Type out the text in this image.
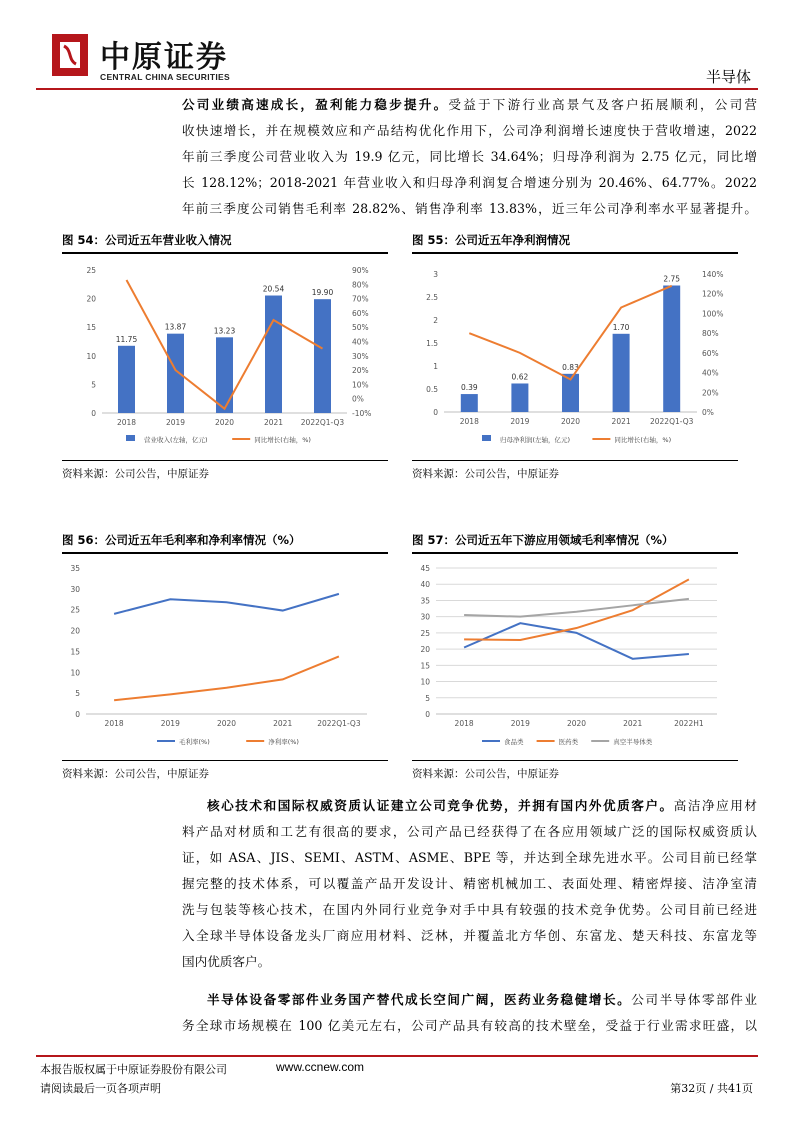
中原证券
CENTRAL CHINA SECURITIES	半导体
公司业绩高速成长，盈利能力稳步提升。受益于下游行业高景气及客户拓展顺利，公司营
收快速增长，并在规模效应和产品结构优化作用下，公司净利润增长速度快于营收增速，2022
年前三季度公司营业收入为 19.9 亿元，同比增长 34.64%；归母净利润为 2.75 亿元，同比增
长 128.12%；2018-2021 年营业收入和归母净利润复合增速分别为 20.46%、64.77%。2022
年前三季度公司销售毛利率 28.82%、销售净利率 13.83%，近三年公司净利率水平显著提升。
图 54：公司近五年营业收入情况
0
5
10
15
20
25
-10%
0%
10%
20%
30%
40%
50%
60%
70%
80%
90%
2018	2019	2020	2021 2022Q1-Q3
11.75
13.87	13.23
20.54	19.90
营业收入(左轴，亿元)	同比增长(右轴，%)
资料来源：公司公告，中原证券
图 55：公司近五年净利润情况
0
0.5
1
1.5
2
2.5
3
0%
20%
40%
60%
80%
100%
120%
140%
2018	2019	2020	2021	2022Q1-Q3
0.39
0.62
0.83
1.70
2.75
归母净利润(左轴，亿元)	同比增长(右轴，%)
资料来源：公司公告，中原证券
图 56：公司近五年毛利率和净利率情况（%）
0
5
10
15
20
25
30
35
2018	2019	2020	2021	2022Q1-Q3
毛利率(%)	净利率(%)
资料来源：公司公告，中原证券
图 57：公司近五年下游应用领域毛利率情况（%）
0
5
10
15
20
25
30
35
40
45
2018	2019	2020	2021	2022H1
食品类	医药类	真空半导体类
资料来源：公司公告，中原证券
核心技术和国际权威资质认证建立公司竞争优势，并拥有国内外优质客户。高洁净应用材
料产品对材质和工艺有很高的要求，公司产品已经获得了在各应用领域广泛的国际权威资质认
证，如 ASA、JIS、SEMI、ASTM、ASME、BPE 等，并达到全球先进水平。公司目前已经掌
握完整的技术体系，可以覆盖产品开发设计、精密机械加工、表面处理、精密焊接、洁净室清
洗与包装等核心技术，在国内外同行业竞争对手中具有较强的技术竞争优势。公司目前已经进
入全球半导体设备龙头厂商应用材料、泛林，并覆盖北方华创、东富龙、楚天科技、东富龙等
国内优质客户。
半导体设备零部件业务国产替代成长空间广阔，医药业务稳健增长。公司半导体零部件业
务全球市场规模在 100 亿美元左右，公司产品具有较高的技术壁垒，受益于行业需求旺盛，以
本报告版权属于中原证券股份有限公司	www.ccnew.com
请阅读最后一页各项声明	第32页 / 共41页
